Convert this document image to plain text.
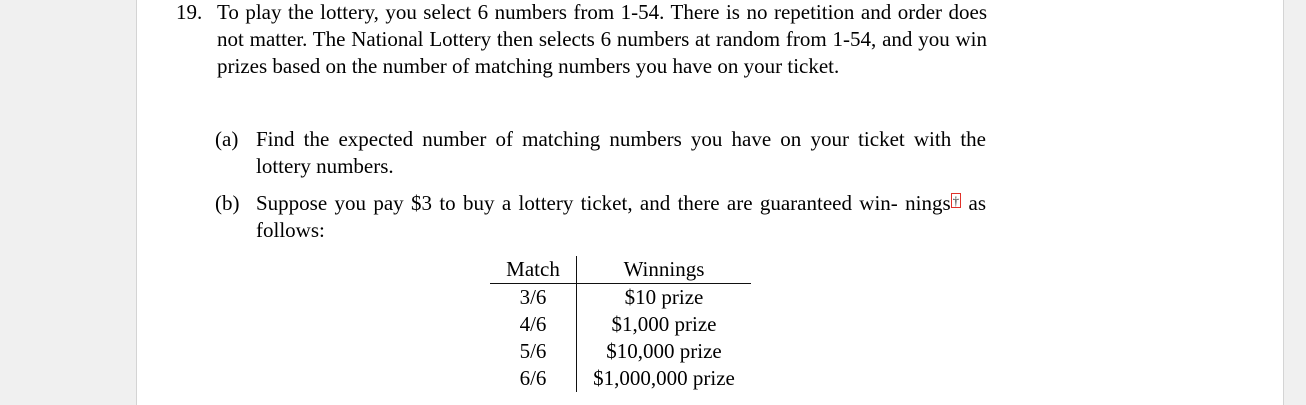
19. To play the lottery, you select 6 numbers from 1-54. There is no repetition and order does not matter. The National Lottery then selects 6 numbers at random from 1-54, and you win prizes based on the number of matching numbers you have on your ticket.
(a) Find the expected number of matching numbers you have on your ticket with the lottery numbers.
(b) Suppose you pay $3 to buy a lottery ticket, and there are guaranteed win- nings † as follows:
Match	Winnings
3/6	$10 prize
4/6	$1,000 prize
5/6	$10,000 prize
6/6	$1,000,000 prize
